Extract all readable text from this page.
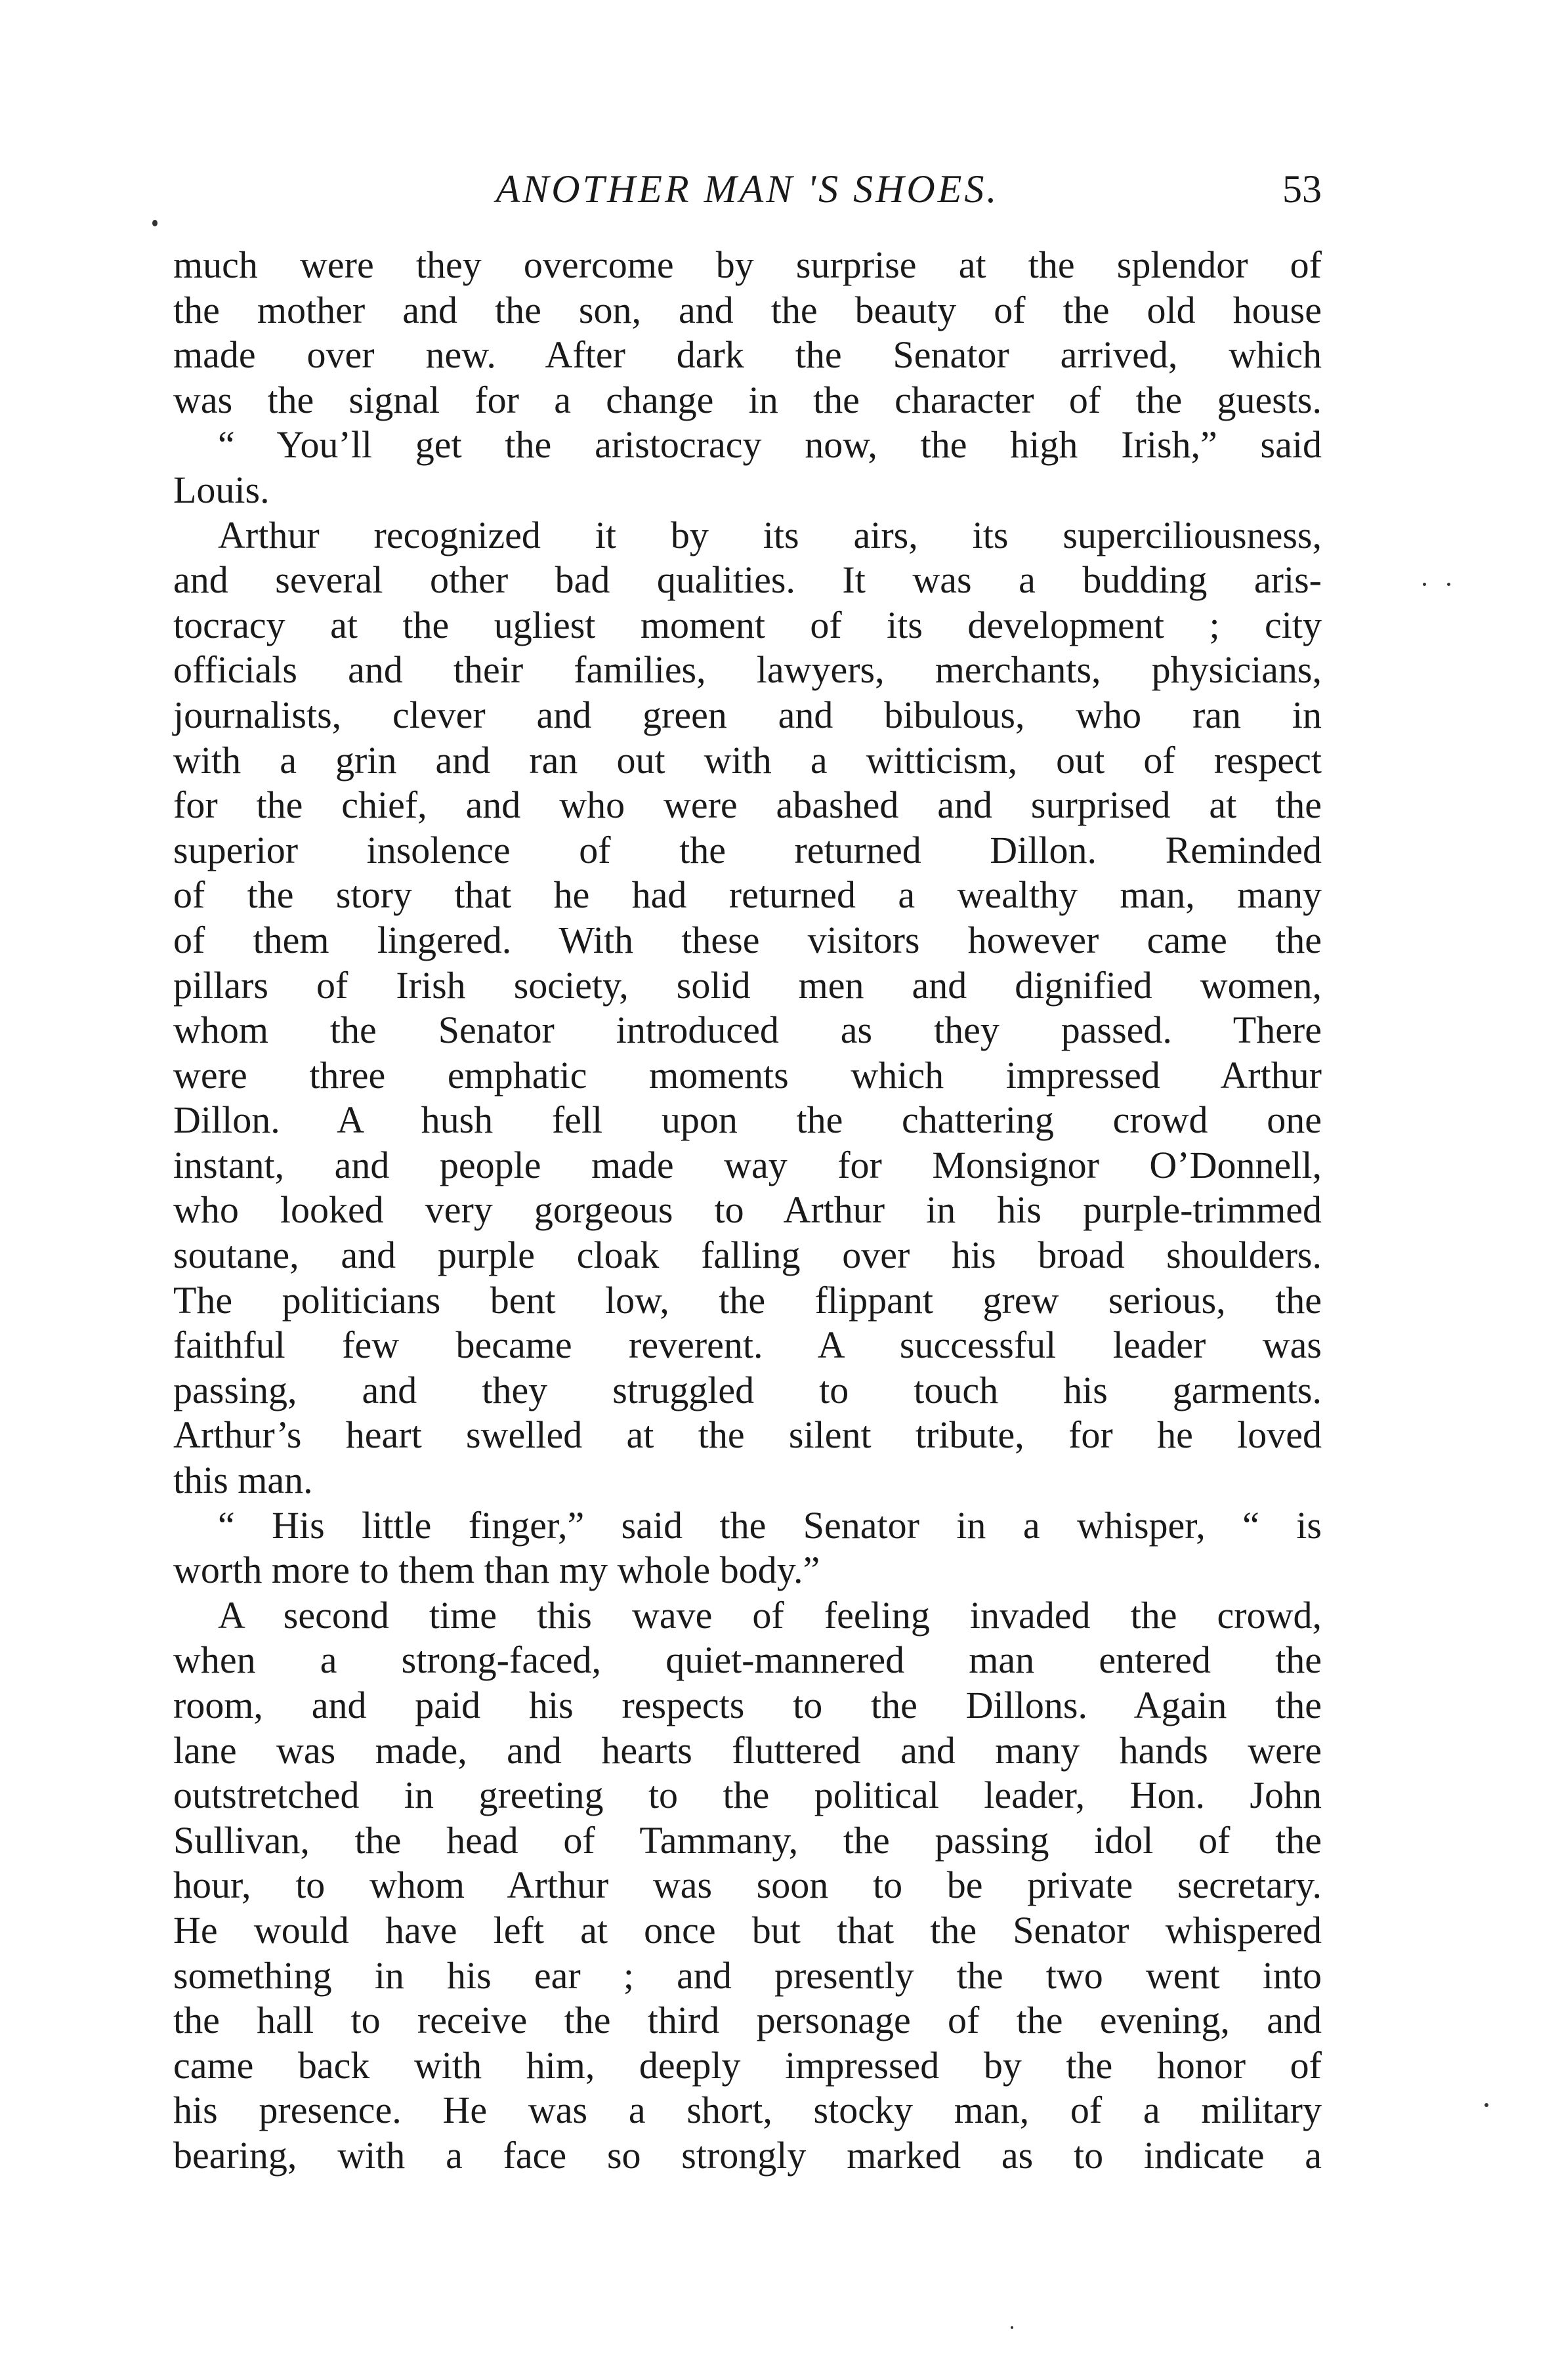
ANOTHER MAN 'S SHOES.	53
much were they overcome by surprise at the splendor of
the mother and the son, and the beauty of the old house
made over new. After dark the Senator arrived, which
was the signal for a change in the character of the guests.
“ You’ll get the aristocracy now, the high Irish,” said
Louis.
Arthur recognized it by its airs, its superciliousness,
and several other bad qualities. It was a budding aris-
tocracy at the ugliest moment of its development ; city
officials and their families, lawyers, merchants, physicians,
journalists, clever and green and bibulous, who ran in
with a grin and ran out with a witticism, out of respect
for the chief, and who were abashed and surprised at the
superior insolence of the returned Dillon. Reminded
of the story that he had returned a wealthy man, many
of them lingered. With these visitors however came the
pillars of Irish society, solid men and dignified women,
whom the Senator introduced as they passed. There
were three emphatic moments which impressed Arthur
Dillon. A hush fell upon the chattering crowd one
instant, and people made way for Monsignor O’Donnell,
who looked very gorgeous to Arthur in his purple-trimmed
soutane, and purple cloak falling over his broad shoulders.
The politicians bent low, the flippant grew serious, the
faithful few became reverent. A successful leader was
passing, and they struggled to touch his garments.
Arthur’s heart swelled at the silent tribute, for he loved
this man.
“ His little finger,” said the Senator in a whisper, “ is
worth more to them than my whole body.”
A second time this wave of feeling invaded the crowd,
when a strong-faced, quiet-mannered man entered the
room, and paid his respects to the Dillons. Again the
lane was made, and hearts fluttered and many hands were
outstretched in greeting to the political leader, Hon. John
Sullivan, the head of Tammany, the passing idol of the
hour, to whom Arthur was soon to be private secretary.
He would have left at once but that the Senator whispered
something in his ear ; and presently the two went into
the hall to receive the third personage of the evening, and
came back with him, deeply impressed by the honor of
his presence. He was a short, stocky man, of a military
bearing, with a face so strongly marked as to indicate a
